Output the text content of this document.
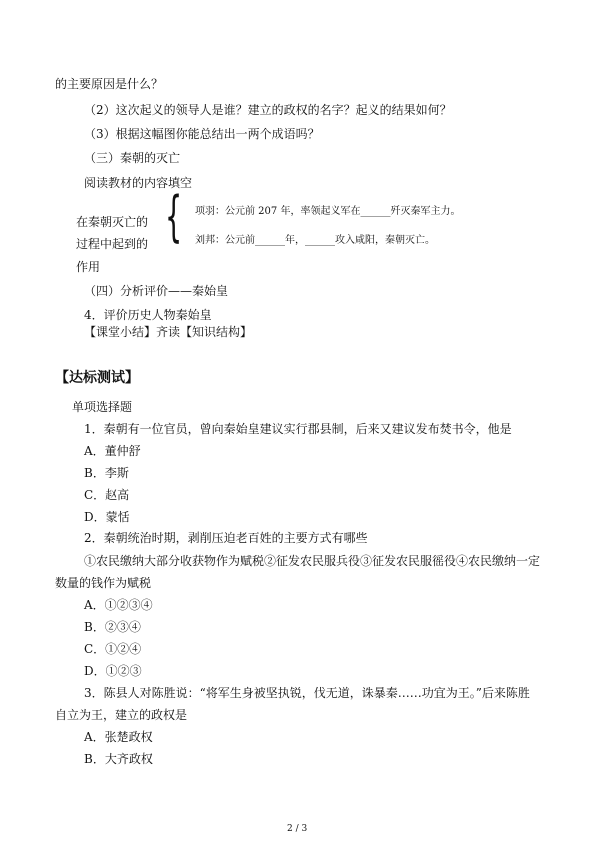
的主要原因是什么？
（2）这次起义的领导人是谁？建立的政权的名字？起义的结果如何？
（3）根据这幅图你能总结出一两个成语吗？
（三）秦朝的灭亡
阅读教材的内容填空
在秦朝灭亡的
过程中起到的
作用
{ 项羽：公元前 207 年，率领起义军在______歼灭秦军主力。
刘邦：公元前______年，______攻入咸阳，秦朝灭亡。
（四）分析评价——秦始皇
4．评价历史人物秦始皇
【课堂小结】齐读【知识结构】
【达标测试】
单项选择题
1．秦朝有一位官员，曾向秦始皇建议实行郡县制，后来又建议发布焚书令，他是
A．董仲舒
B．李斯
C．赵高
D．蒙恬
2．秦朝统治时期，剥削压迫老百姓的主要方式有哪些
①农民缴纳大部分收获物作为赋税②征发农民服兵役③征发农民服徭役④农民缴纳一定
数量的钱作为赋税
A．①②③④
B．②③④
C．①②④
D．①②③
3．陈县人对陈胜说：“将军生身被坚执锐，伐无道，诛暴秦……功宜为王。”后来陈胜
自立为王，建立的政权是
A．张楚政权
B．大齐政权
2 / 3
